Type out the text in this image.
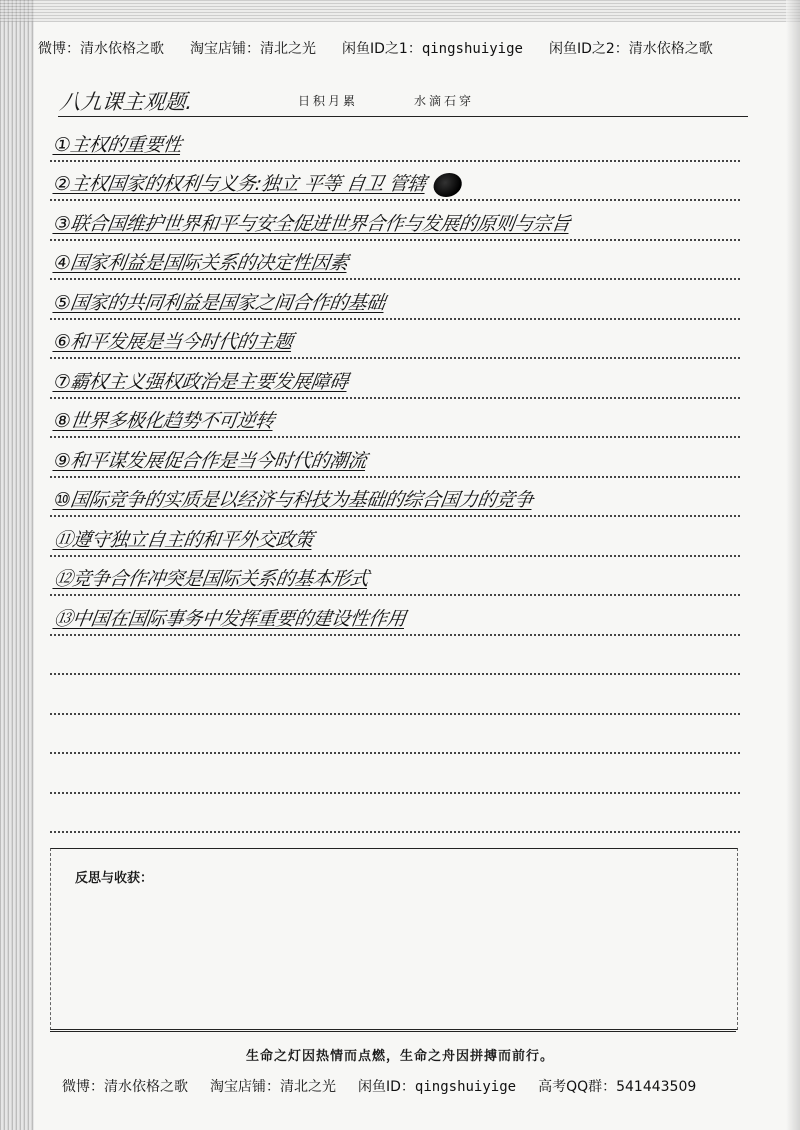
微博：清水依格之歌 淘宝店铺：清北之光 闲鱼ID之1：qingshuiyige 闲鱼ID之2：清水依格之歌
八九课主观题.	日积月累	水滴石穿
①主权的重要性
②主权国家的权利与义务:独立 平等 自卫 管辖
③联合国维护世界和平与安全促进世界合作与发展的原则与宗旨
④国家利益是国际关系的决定性因素
⑤国家的共同利益是国家之间合作的基础
⑥和平发展是当今时代的主题
⑦霸权主义强权政治是主要发展障碍
⑧世界多极化趋势不可逆转
⑨和平谋发展促合作是当今时代的潮流
⑩国际竞争的实质是以经济与科技为基础的综合国力的竞争
⑪遵守独立自主的和平外交政策
⑫竞争合作冲突是国际关系的基本形式
⑬中国在国际事务中发挥重要的建设性作用
反思与收获：
生命之灯因热情而点燃，生命之舟因拼搏而前行。
微博：清水依格之歌 淘宝店铺：清北之光 闲鱼ID：qingshuiyige 高考QQ群：541443509
